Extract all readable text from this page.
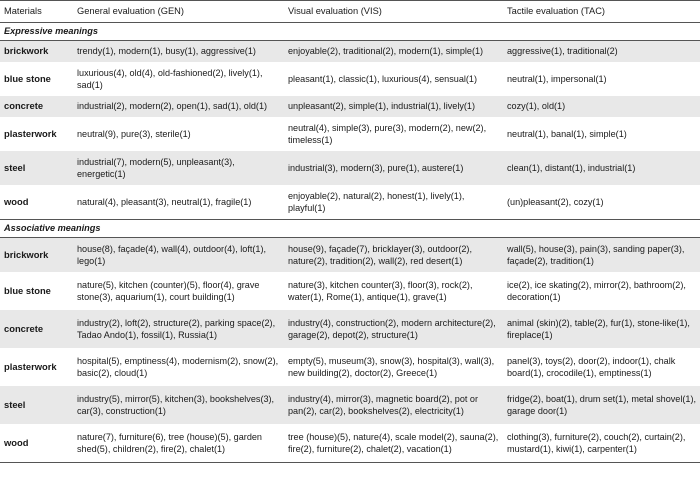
Materials	General evaluation (GEN)	Visual evaluation (VIS)	Tactile evaluation (TAC)
Expressive meanings			
brickwork	trendy(1), modern(1), busy(1), aggressive(1)	enjoyable(2), traditional(2), modern(1), simple(1)	aggressive(1), traditional(2)
blue stone	luxurious(4), old(4), old-fashioned(2), lively(1), sad(1)	pleasant(1), classic(1), luxurious(4), sensual(1)	neutral(1), impersonal(1)
concrete	industrial(2), modern(2), open(1), sad(1), old(1)	unpleasant(2), simple(1), industrial(1), lively(1)	cozy(1), old(1)
plasterwork	neutral(9), pure(3), sterile(1)	neutral(4), simple(3), pure(3), modern(2), new(2), timeless(1)	neutral(1), banal(1), simple(1)
steel	industrial(7), modern(5), unpleasant(3), energetic(1)	industrial(3), modern(3), pure(1), austere(1)	clean(1), distant(1), industrial(1)
wood	natural(4), pleasant(3), neutral(1), fragile(1)	enjoyable(2), natural(2), honest(1), lively(1), playful(1)	(un)pleasant(2), cozy(1)
Associative meanings			
brickwork	house(8), façade(4), wall(4), outdoor(4), loft(1), lego(1)	house(9), façade(7), bricklayer(3), outdoor(2), nature(2), tradition(2), wall(2), red desert(1)	wall(5), house(3), pain(3), sanding paper(3), façade(2), tradition(1)
blue stone	nature(5), kitchen (counter)(5), floor(4), grave stone(3), aquarium(1), court building(1)	nature(3), kitchen counter(3), floor(3), rock(2), water(1), Rome(1), antique(1), grave(1)	ice(2), ice skating(2), mirror(2), bathroom(2), decoration(1)
concrete	industry(2), loft(2), structure(2), parking space(2), Tadao Ando(1), fossil(1), Russia(1)	industry(4), construction(2), modern architecture(2), garage(2), depot(2), structure(1)	animal (skin)(2), table(2), fur(1), stone-like(1), fireplace(1)
plasterwork	hospital(5), emptiness(4), modernism(2), snow(2), basic(2), cloud(1)	empty(5), museum(3), snow(3), hospital(3), wall(3), new building(2), doctor(2), Greece(1)	panel(3), toys(2), door(2), indoor(1), chalk board(1), crocodile(1), emptiness(1)
steel	industry(5), mirror(5), kitchen(3), bookshelves(3), car(3), construction(1)	industry(4), mirror(3), magnetic board(2), pot or pan(2), car(2), bookshelves(2), electricity(1)	fridge(2), boat(1), drum set(1), metal shovel(1), garage door(1)
wood	nature(7), furniture(6), tree (house)(5), garden shed(5), children(2), fire(2), chalet(1)	tree (house)(5), nature(4), scale model(2), sauna(2), fire(2), furniture(2), chalet(2), vacation(1)	clothing(3), furniture(2), couch(2), curtain(2), mustard(1), kiwi(1), carpenter(1)
